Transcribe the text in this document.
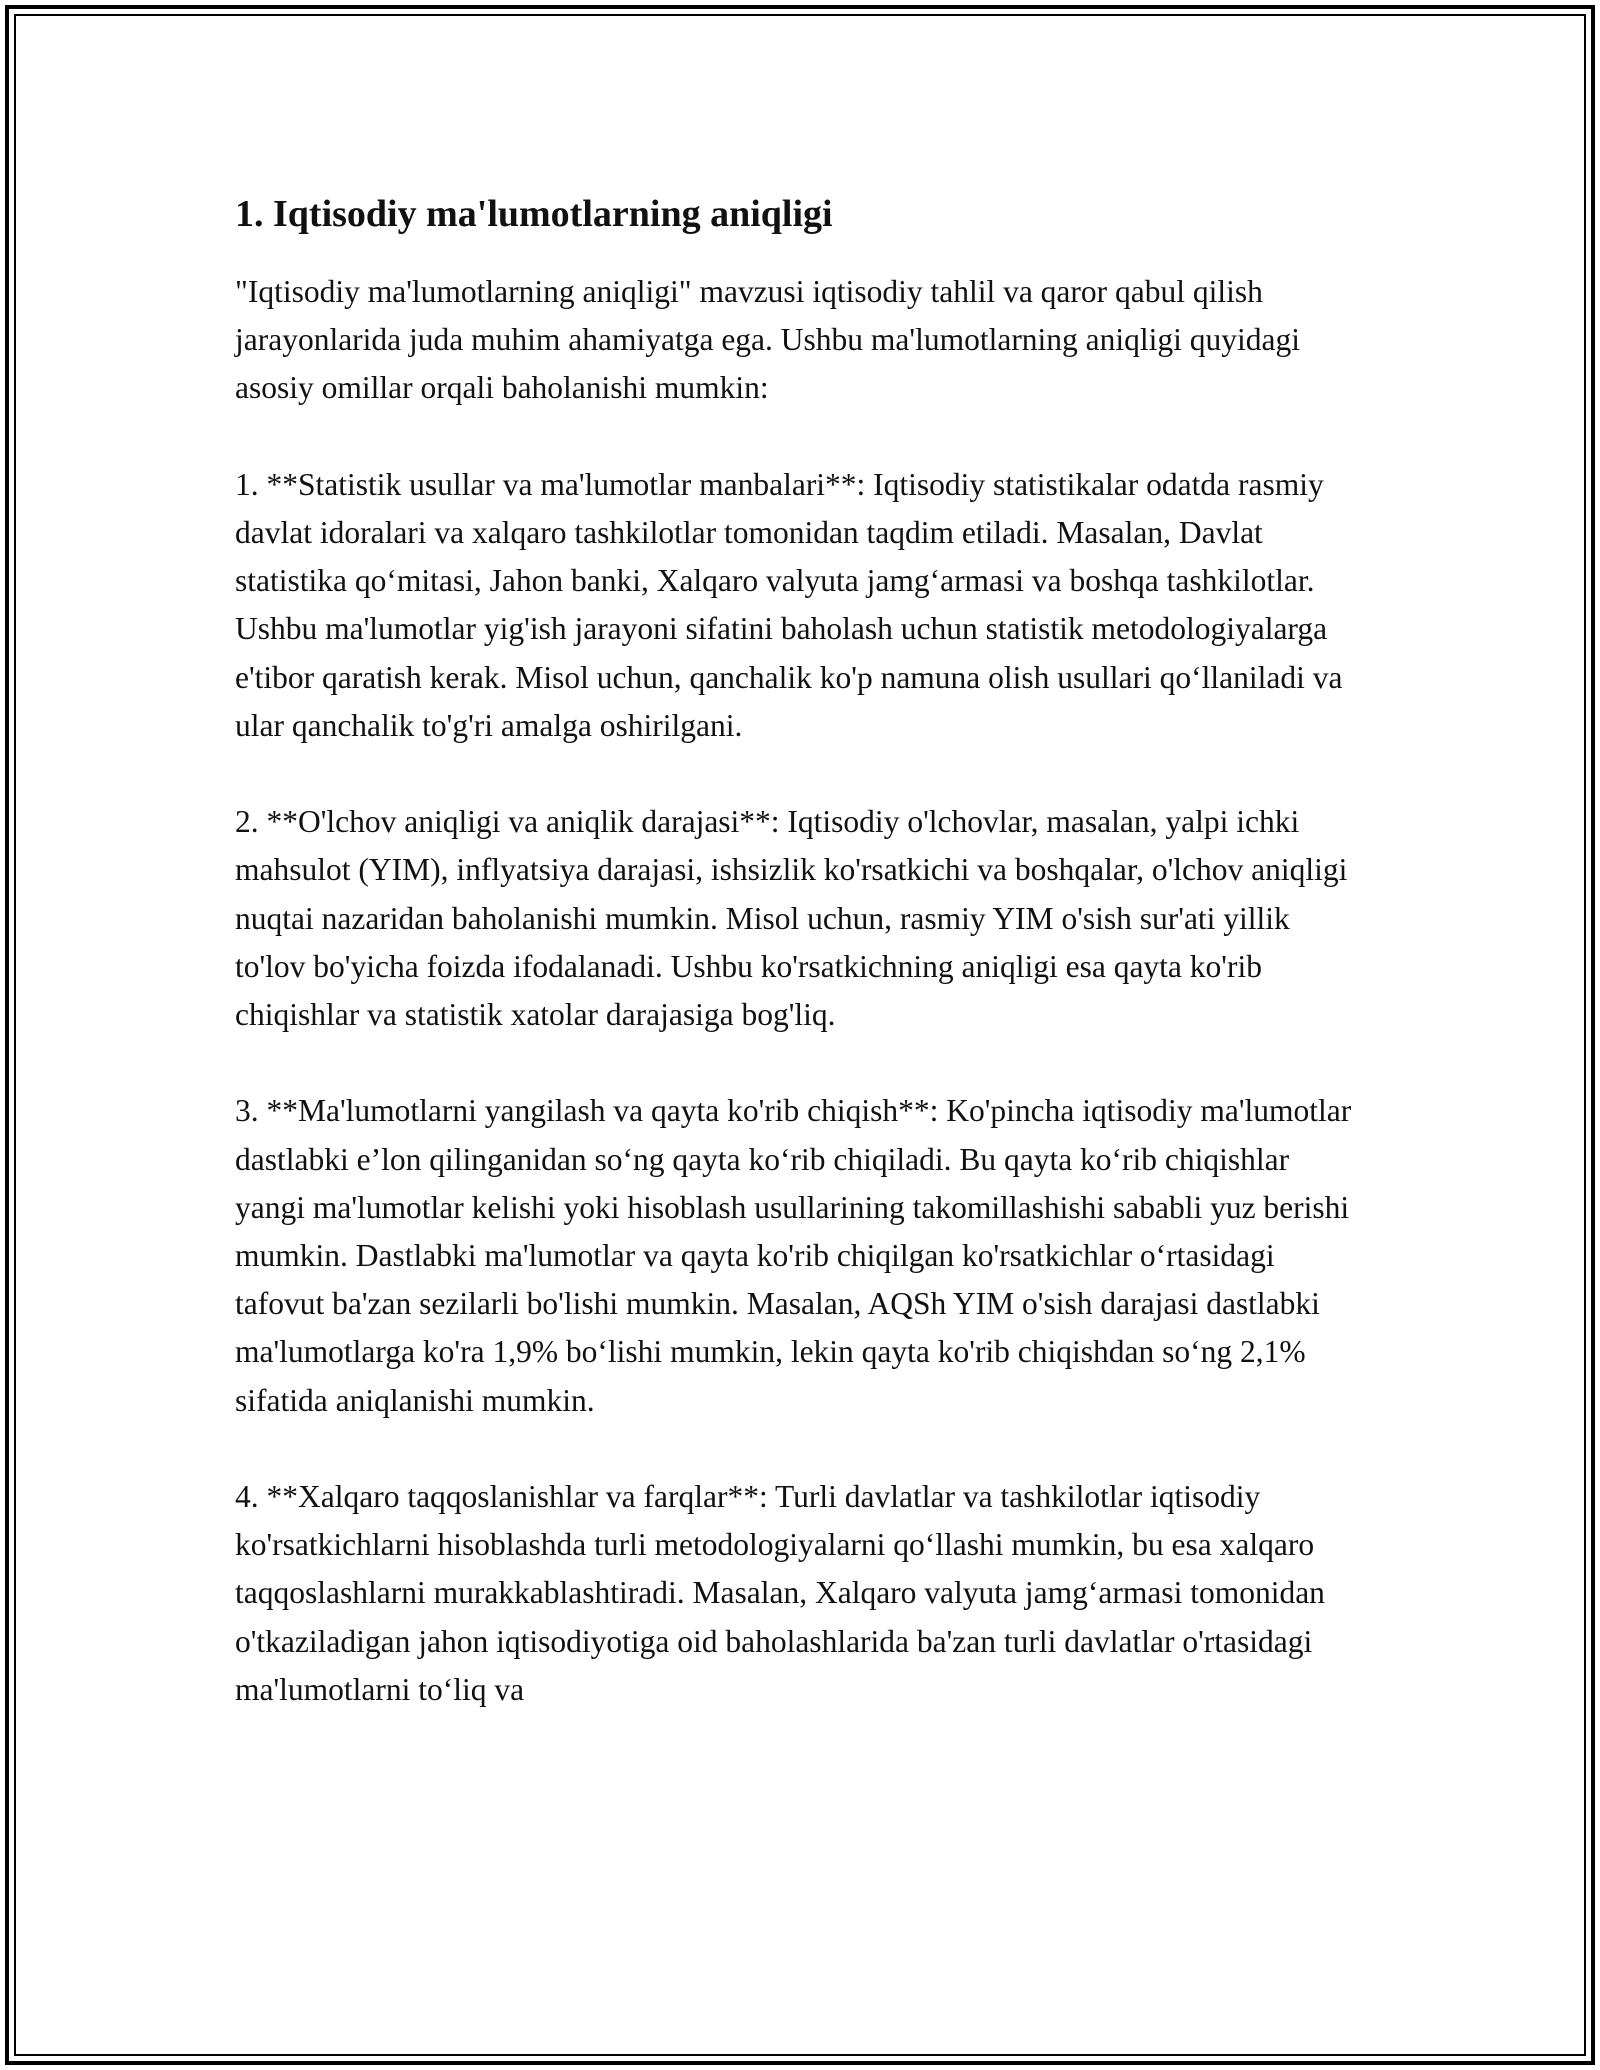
1. Iqtisodiy ma'lumotlarning aniqligi

"Iqtisodiy ma'lumotlarning aniqligi" mavzusi iqtisodiy tahlil va qaror qabul qilish jarayonlarida juda muhim ahamiyatga ega. Ushbu ma'lumotlarning aniqligi quyidagi asosiy omillar orqali baholanishi mumkin:

1. **Statistik usullar va ma'lumotlar manbalari**: Iqtisodiy statistikalar odatda rasmiy davlat idoralari va xalqaro tashkilotlar tomonidan taqdim etiladi. Masalan, Davlat statistika qo‘mitasi, Jahon banki, Xalqaro valyuta jamg‘armasi va boshqa tashkilotlar. Ushbu ma'lumotlar yig'ish jarayoni sifatini baholash uchun statistik metodologiyalarga e'tibor qaratish kerak. Misol uchun, qanchalik ko'p namuna olish usullari qo‘llaniladi va ular qanchalik to'g'ri amalga oshirilgani.

2. **O'lchov aniqligi va aniqlik darajasi**: Iqtisodiy o'lchovlar, masalan, yalpi ichki mahsulot (YIM), inflyatsiya darajasi, ishsizlik ko'rsatkichi va boshqalar, o'lchov aniqligi nuqtai nazaridan baholanishi mumkin. Misol uchun, rasmiy YIM o'sish sur'ati yillik to'lov bo'yicha foizda ifodalanadi. Ushbu ko'rsatkichning aniqligi esa qayta ko'rib chiqishlar va statistik xatolar darajasiga bog'liq.

3. **Ma'lumotlarni yangilash va qayta ko'rib chiqish**: Ko'pincha iqtisodiy ma'lumotlar dastlabki e’lon qilinganidan so‘ng qayta ko‘rib chiqiladi. Bu qayta ko‘rib chiqishlar yangi ma'lumotlar kelishi yoki hisoblash usullarining takomillashishi sababli yuz berishi mumkin. Dastlabki ma'lumotlar va qayta ko'rib chiqilgan ko'rsatkichlar o‘rtasidagi tafovut ba'zan sezilarli bo'lishi mumkin. Masalan, AQSh YIM o'sish darajasi dastlabki ma'lumotlarga ko'ra 1,9% bo‘lishi mumkin, lekin qayta ko'rib chiqishdan so‘ng 2,1% sifatida aniqlanishi mumkin.

4. **Xalqaro taqqoslanishlar va farqlar**: Turli davlatlar va tashkilotlar iqtisodiy ko'rsatkichlarni hisoblashda turli metodologiyalarni qo‘llashi mumkin, bu esa xalqaro taqqoslashlarni murakkablashtiradi. Masalan, Xalqaro valyuta jamg‘armasi tomonidan o'tkaziladigan jahon iqtisodiyotiga oid baholashlarida ba'zan turli davlatlar o'rtasidagi ma'lumotlarni to‘liq va
